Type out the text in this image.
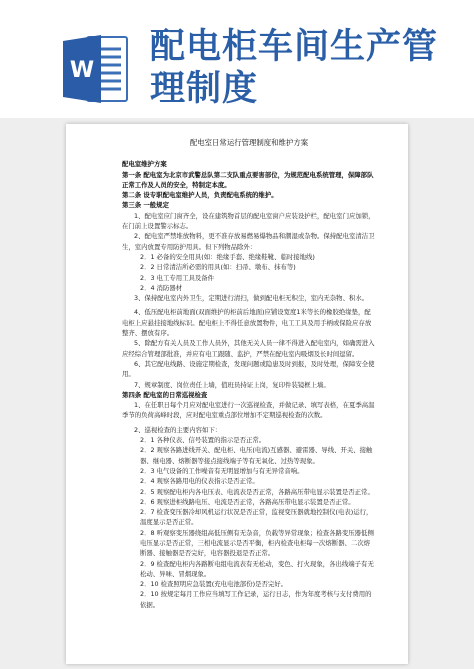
W
配电柜车间生产管理制度
配电室日常运行管理制度和维护方案

配电室维护方案

第一条 配电室为北京市武警总队第二支队重点要害部位，为规范配电系统管理，保障部队正常工作及人员的安全，特制定本度。

第二条 设专职配电室维护人员，负责配电系统的维护。

第三条 一般规定

1、配电室应门窗齐全，设在建筑物首层的配电室窗户应装设护栏，配电室门应加锁，在门前上设置警示标志。

2、配电室严禁堆放物料，更不准存放易燃易爆物品和潮湿或杂物。保持配电室清洁卫生，室内放置专用防护用具。但下列物品除外：

2．1 必备的安全用具(如：绝缘手套、绝缘鞋靴、临时接地线)

2．2 日常清洁所必需的用具(如：扫帚、墩布、抹布等)

2．3 电工专用工具及备件

2．4 消防器材

3、保持配电室内外卫生，定期进行清扫，做到配电柜无积尘，室内无杂物、积水。

4、低压配电柜前地面(双面维护的柜前后地面)应铺设宽度1米等长的橡胶绝缘垫，配电柜上应悬挂接地线标识。配电柜上不得任意放置物件，电工工具及用手柄或保险应存放整齐、摆放有序。

5、除配方有关人员及工作人员外，其他无关人员一律不得进入配电室内，如确需进入应经综合管理部批准，并应有电工跟随、监护，严禁在配电室内吸烟及长时间逗留。

6、其它配电线路、设施定期检查，发现问题或隐患及时到报，及时处理，保障安全使用。

7、规章制度、岗位责任上墙，值班员持证上岗，复印件装镜框上墙。

第四条 配电室的日常巡视检查

1、在任职日每个月应对配电室进行一次巡视检查，并做记录、填写表格，在夏季高温季节的负荷高峰时段，应对配电室重点部位增加不定期巡视检查的次数。

2、巡视检查的主要内容如下：

2．1 各种仪表、信号装置的指示是否正常。

2．2 观察各路进线开关、配电柜、电压(电流)互感器、避雷器、导线、开关、接触器、继电器、熔断器等接点接线端子等有无氧化、过热等现象。

2．3 电气设备的工作噪音有无明显增加与有无异常音响。

2．4 观察各路用电的仪表指示是否正常。

2．5 观察配电柜内各电压表、电流表是否正常，各路高压带电显示装置是否正常。

2．6 观察进柜线路电压、电流是否正常，各路高压带电显示装置是否正常。

2．7 检查变压器冷却风机运行状况是否正常，监视变压器就地控制仪(电表)运行，温度显示是否正常。

2．8 听观察变压器绕组高低压侧有无杂音，负载等异常现象；检查各路变压器低侧电压显示是否正常，三相电流显示是否平衡，柜内检查电柜每一次熔断器、二次熔断器、接触器是否完好，电容器投退是否正常。

2．9 检查配电柜内各路断电组电流表有无松动，变色、打火现象，各出线端子有无松动、异味、冒烟现象。

2．10 检查照明应急装置(充电电池部份)是否完好。

2．10 按规定每月工作应当填写工作记录，运行日志，作为年度考核与支付费用的依据。
